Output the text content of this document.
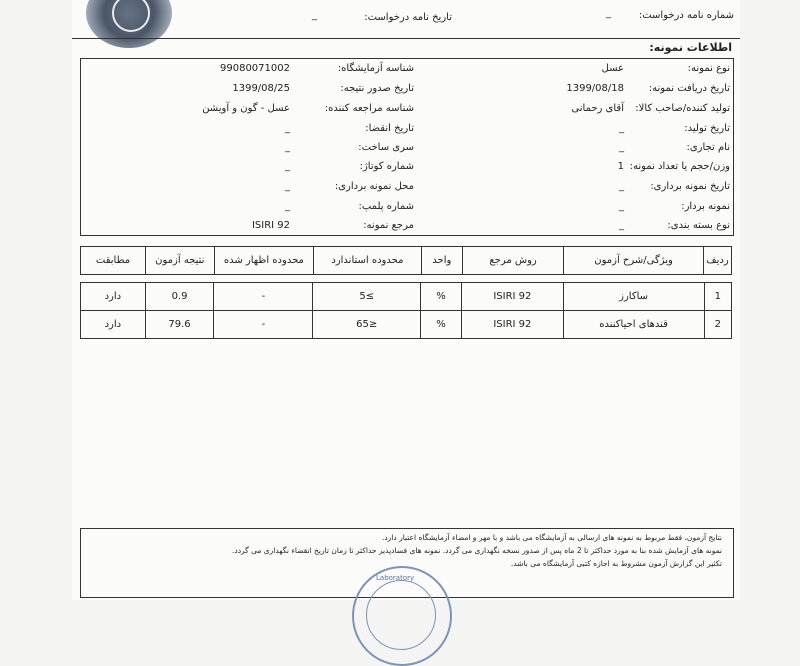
شماره نامه درخواست:
_
تاریخ نامه درخواست:
_
اطلاعات نمونه:
نوع نمونه:
عسل
تاریخ دریافت نمونه:
1399/08/18
تولید کننده/صاحب کالا:
آقای رحمانی
تاریخ تولید:
_
نام تجاری:
_
وزن/حجم یا تعداد نمونه:
1
تاریخ نمونه برداری:
_
نمونه بردار:
_
نوع بسته بندی:
_
شناسه آزمایشگاه:
99080071002
تاریخ صدور نتیجه:
1399/08/25
شناسه مراجعه کننده:
عسل - گون و آویشن
تاریخ انقضا:
_
سری ساخت:
_
شماره کوتاژ:
_
محل نمونه برداری:
_
شماره پلمپ:
_
مرجع نمونه:
ISIRI 92
ردیف	ویژگی/شرح آزمون	روش مرجع	واحد	محدوده استاندارد	محدوده اظهار شده	نتیجه آزمون	مطابقت
1	ساکارز	ISIRI 92	%	≥5	-	0.9	دارد
2	قندهای احیاکننده	ISIRI 92	%	≤65	-	79.6	دارد
نتایج آزمون، فقط مربوط به نمونه های ارسالی به آزمایشگاه می باشد و با مهر و امضاء آزمایشگاه اعتبار دارد.
نمونه های آزمایش شده بنا به مورد حداکثر تا 2 ماه پس از صدور نسخه نگهداری می گردد. نمونه های فسادپذیر حداکثر تا زمان تاریخ انقضاء نگهداری می گردد.
تکثیر این گزارش آزمون مشروط به اجازه کتبی آزمایشگاه می باشد.
Laboratory
